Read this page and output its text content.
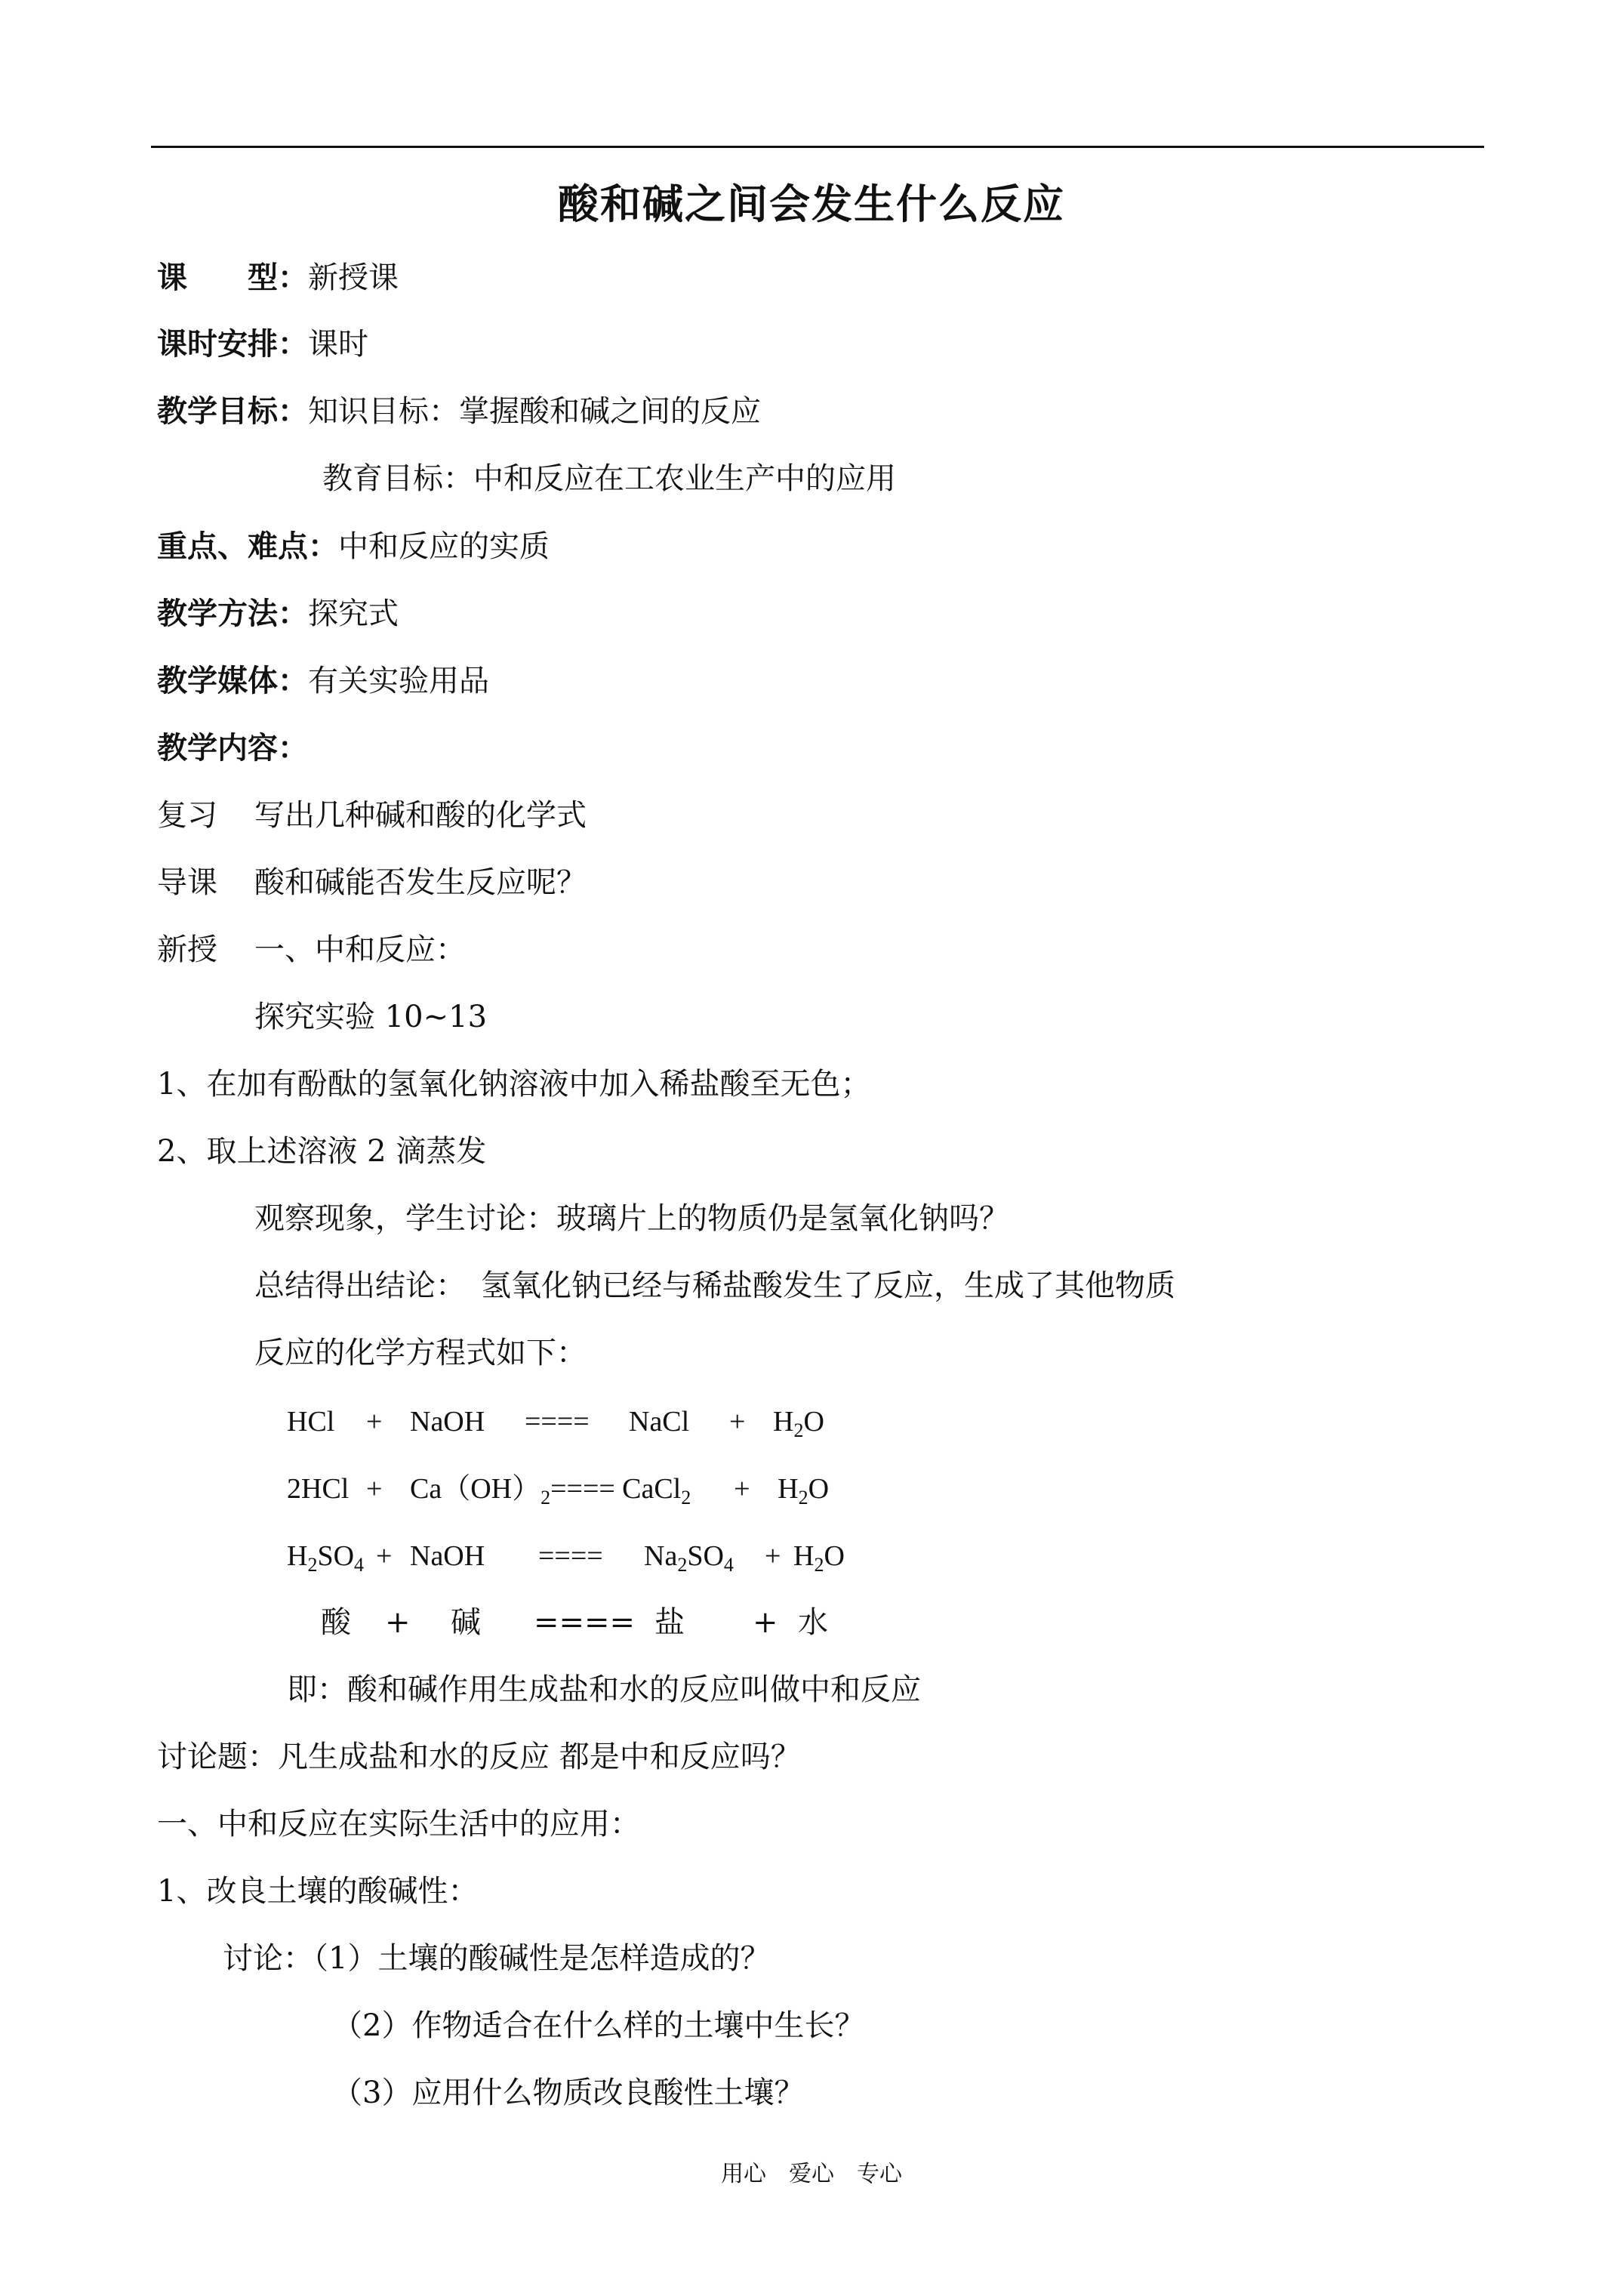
酸和碱之间会发生什么反应
课　　型：新授课
课时安排：课时
教学目标：知识目标：掌握酸和碱之间的反应
教育目标：中和反应在工农业生产中的应用
重点、难点：中和反应的实质
教学方法：探究式
教学媒体：有关实验用品
教学内容：
复习 写出几种碱和酸的化学式
导课 酸和碱能否发生反应呢？
新授 一、中和反应：
探究实验 10~13
1、在加有酚酞的氢氧化钠溶液中加入稀盐酸至无色；
2、取上述溶液 2 滴蒸发
观察现象，学生讨论：玻璃片上的物质仍是氢氧化钠吗？
总结得出结论：　氢氧化钠已经与稀盐酸发生了反应，生成了其他物质
反应的化学方程式如下：
HCl + NaOH ==== NaCl + $H_2O$
$2HCl + Ca(OH)_2====$ CaCl$_2$ + $H_2O$
$H_2SO_4$ + NaOH ==== $Na_2SO_4 + H_2O$
酸 + 碱 ==== 盐 + 水
即：酸和碱作用生成盐和水的反应叫做中和反应
讨论题：凡生成盐和水的反应 都是中和反应吗？
一、中和反应在实际生活中的应用：
1、改良土壤的酸碱性：
讨论：（1）土壤的酸碱性是怎样造成的？
（2）作物适合在什么样的土壤中生长？
（3）应用什么物质改良酸性土壤？
用心　爱心　专心
